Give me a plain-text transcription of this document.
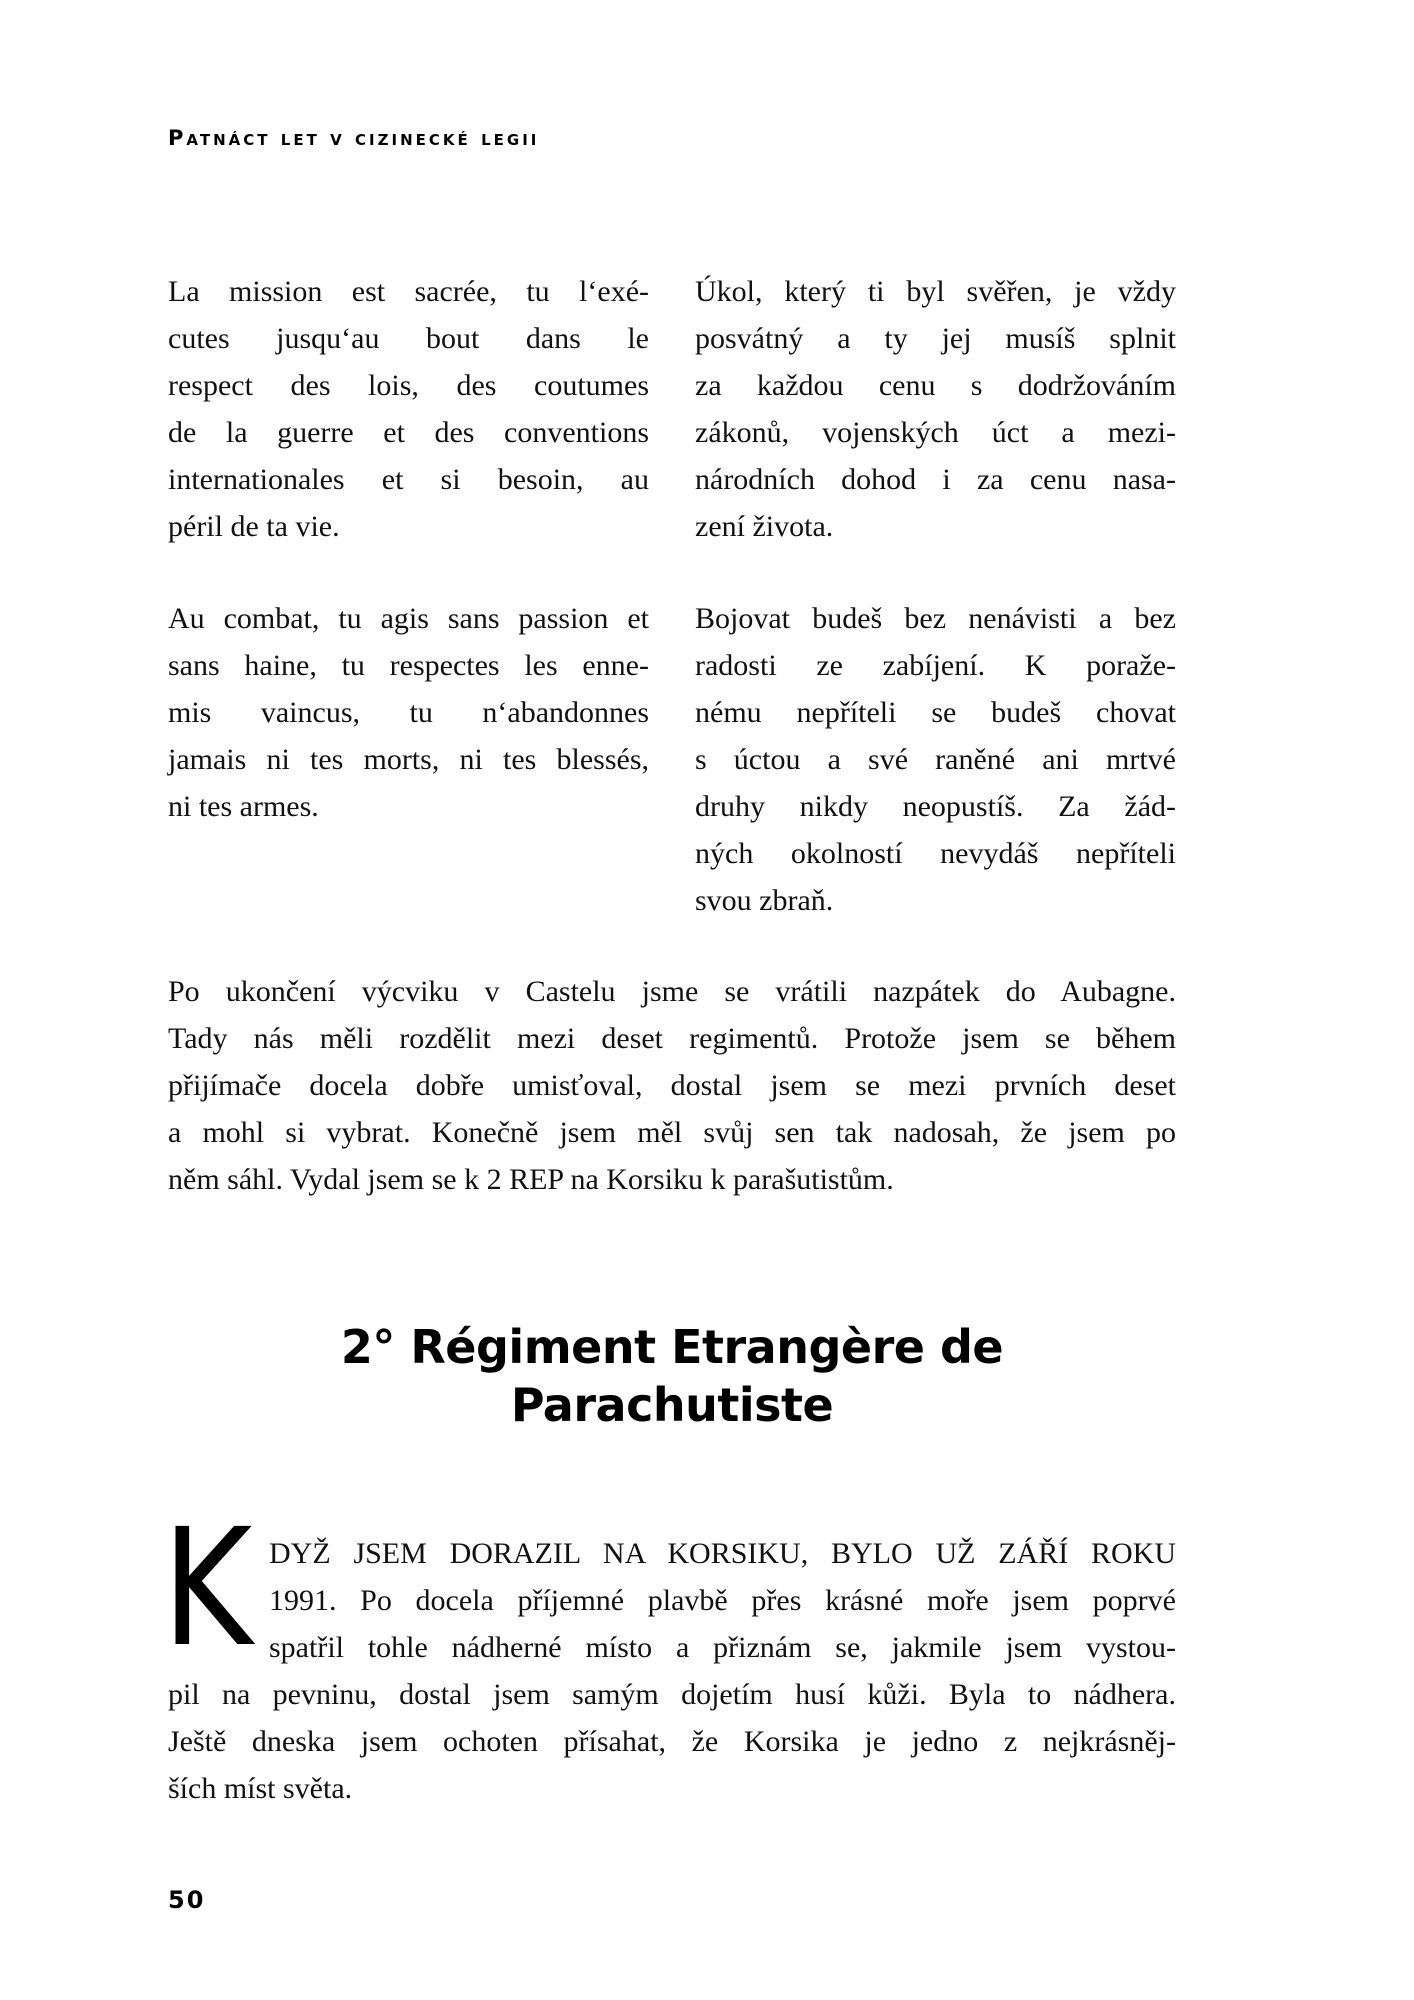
Patnáct let v cizinecké legii
La mission est sacrée, tu l‘exé-
cutes jusqu‘au bout dans le
respect des lois, des coutumes
de la guerre et des conventions
internationales et si besoin, au
péril de ta vie.
Úkol, který ti byl svěřen, je vždy
posvátný a ty jej musíš splnit
za každou cenu s dodržováním
zákonů, vojenských úct a mezi-
národních dohod i za cenu nasa-
zení života.
Au combat, tu agis sans passion et
sans haine, tu respectes les enne-
mis vaincus, tu n‘abandonnes
jamais ni tes morts, ni tes blessés,
ni tes armes.
Bojovat budeš bez nenávisti a bez
radosti ze zabíjení. K poraže-
nému nepříteli se budeš chovat
s úctou a své raněné ani mrtvé
druhy nikdy neopustíš. Za žád-
ných okolností nevydáš nepříteli
svou zbraň.
Po ukončení výcviku v Castelu jsme se vrátili nazpátek do Aubagne.
Tady nás měli rozdělit mezi deset regimentů. Protože jsem se během
přijímače docela dobře umisťoval, dostal jsem se mezi prvních deset
a mohl si vybrat. Konečně jsem měl svůj sen tak nadosah, že jsem po
něm sáhl. Vydal jsem se k 2 REP na Korsiku k parašutistům.
2° Régiment Etrangère de
Parachutiste
K DYŽ JSEM DORAZIL NA KORSIKU, BYLO UŽ ZÁŘÍ ROKU
1991. Po docela příjemné plavbě přes krásné moře jsem poprvé
spatřil tohle nádherné místo a přiznám se, jakmile jsem vystou-
pil na pevninu, dostal jsem samým dojetím husí kůži. Byla to nádhera.
Ještě dneska jsem ochoten přísahat, že Korsika je jedno z nejkrásněj-
ších míst světa.
50
